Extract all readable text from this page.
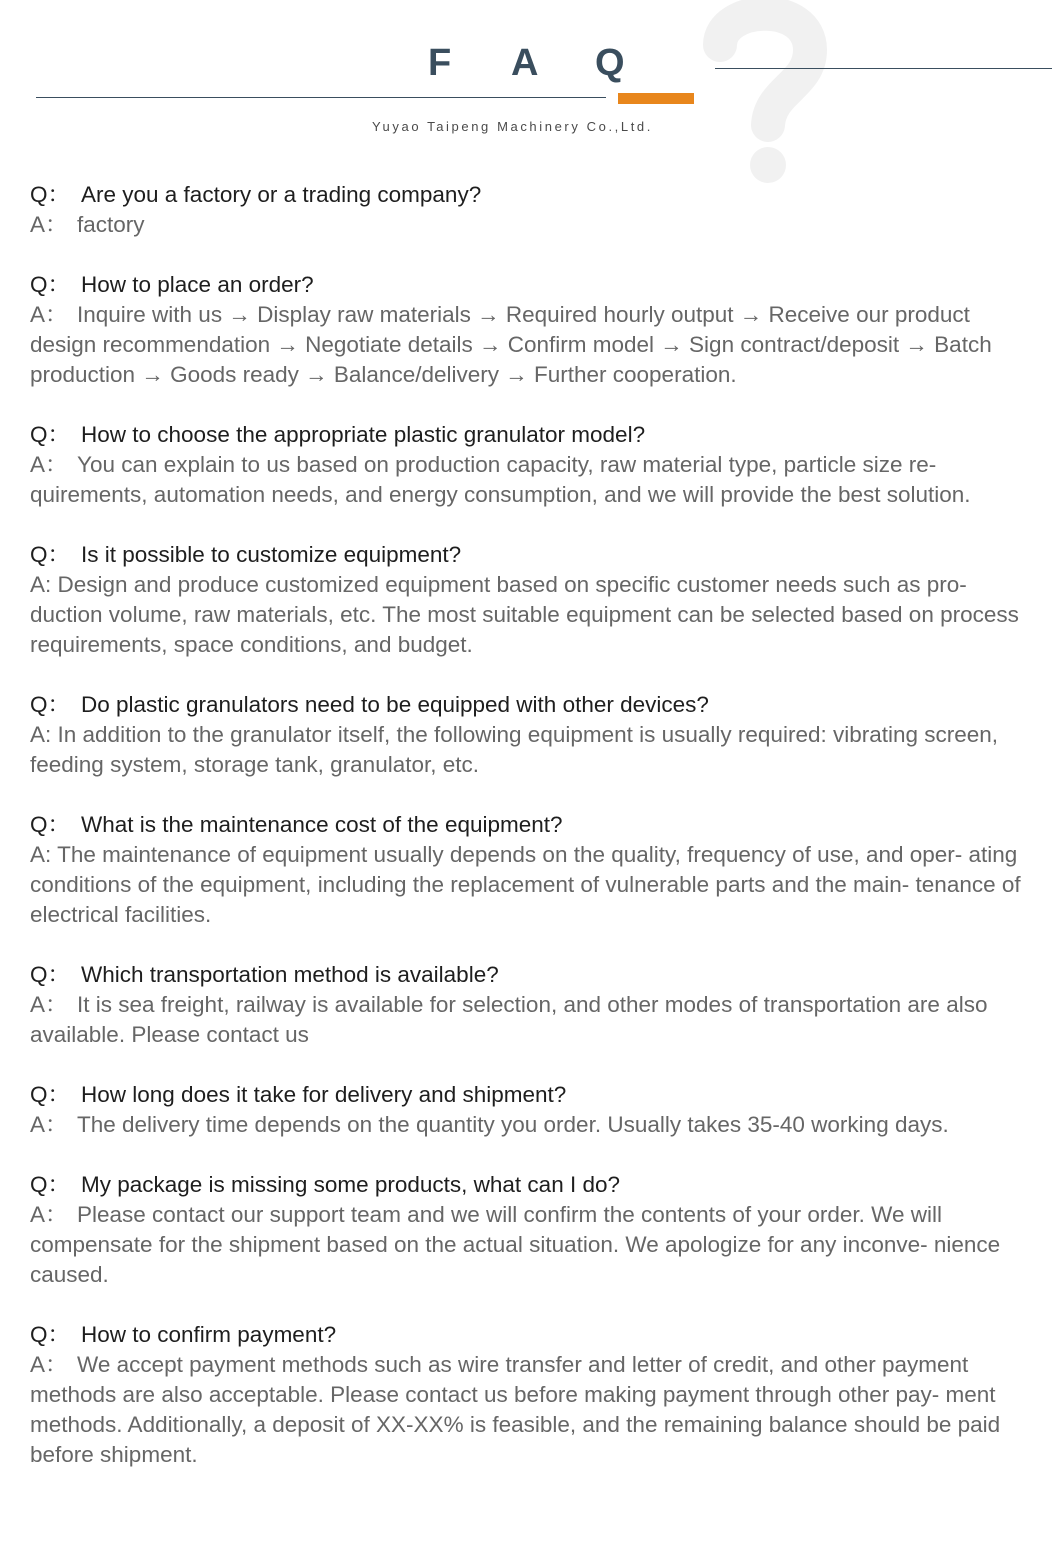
F A Q
Yuyao Taipeng Machinery Co.,Ltd.

Q： Are you a factory or a trading company?

A： factory

Q： How to place an order?

A： Inquire with us → Display raw materials → Required hourly output → Receive our product design recommendation → Negotiate details → Confirm model → Sign contract/deposit → Batch production → Goods ready → Balance/delivery → Further cooperation.

Q： How to choose the appropriate plastic granulator model?

A： You can explain to us based on production capacity, raw material type, particle size re- quirements, automation needs, and energy consumption, and we will provide the best solution.

Q： Is it possible to customize equipment?

A: Design and produce customized equipment based on specific customer needs such as pro- duction volume, raw materials, etc. The most suitable equipment can be selected based on process requirements, space conditions, and budget.

Q： Do plastic granulators need to be equipped with other devices?

A: In addition to the granulator itself, the following equipment is usually required: vibrating screen, feeding system, storage tank, granulator, etc.

Q： What is the maintenance cost of the equipment?

A: The maintenance of equipment usually depends on the quality, frequency of use, and oper- ating conditions of the equipment, including the replacement of vulnerable parts and the main- tenance of electrical facilities.

Q： Which transportation method is available?

A： It is sea freight, railway is available for selection, and other modes of transportation are also available. Please contact us

Q： How long does it take for delivery and shipment?

A： The delivery time depends on the quantity you order. Usually takes 35-40 working days.

Q： My package is missing some products, what can I do?

A： Please contact our support team and we will confirm the contents of your order. We will compensate for the shipment based on the actual situation. We apologize for any inconve- nience caused.

Q： How to confirm payment?

A： We accept payment methods such as wire transfer and letter of credit, and other payment methods are also acceptable. Please contact us before making payment through other pay- ment methods. Additionally, a deposit of XX-XX% is feasible, and the remaining balance should be paid before shipment.
